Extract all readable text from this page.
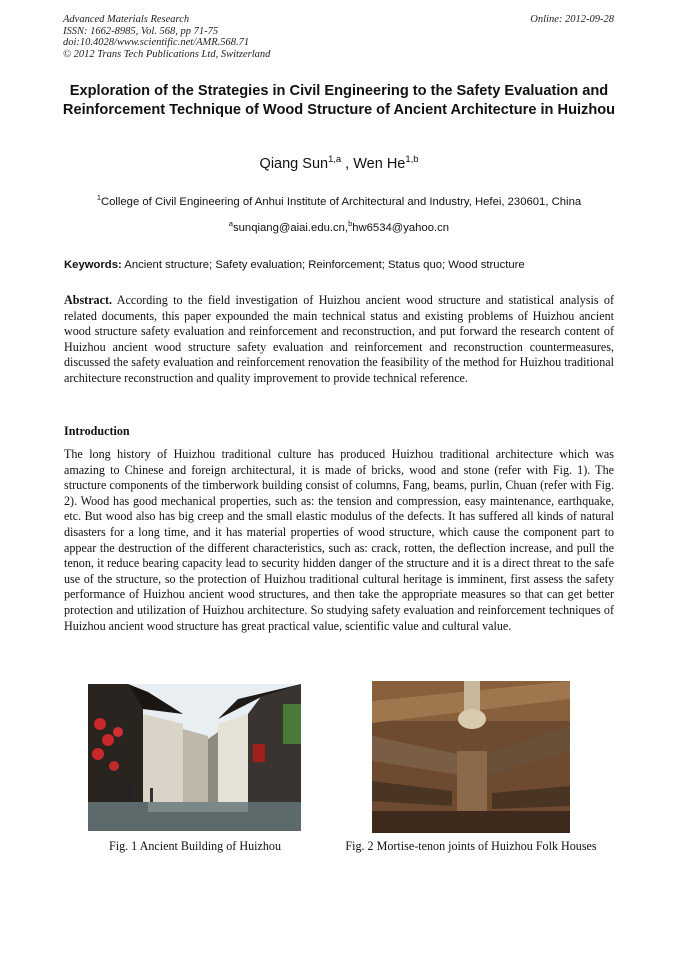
Advanced Materials Research
ISSN: 1662-8985, Vol. 568, pp 71-75
doi:10.4028/www.scientific.net/AMR.568.71
© 2012 Trans Tech Publications Ltd, Switzerland
Online: 2012-09-28
Exploration of the Strategies in Civil Engineering to the Safety Evaluation and Reinforcement Technique of Wood Structure of Ancient Architecture in Huizhou
Qiang Sun$^{1,a}$ , Wen He$^{1,b}$
$^1$College of Civil Engineering of Anhui Institute of Architectural and Industry, Hefei, 230601, China
$^a$sunqiang@aiai.edu.cn,$^b$hw6534@yahoo.cn
Keywords: Ancient structure; Safety evaluation; Reinforcement; Status quo; Wood structure

Abstract. According to the field investigation of Huizhou ancient wood structure and statistical analysis of related documents, this paper expounded the main technical status and existing problems of Huizhou ancient wood structure safety evaluation and reinforcement and reconstruction, and put forward the research content of Huizhou ancient wood structure safety evaluation and reinforcement and reconstruction countermeasures, discussed the safety evaluation and reinforcement renovation the feasibility of the method for Huizhou traditional architecture reconstruction and quality improvement to provide technical reference.

Introduction

The long history of Huizhou traditional culture has produced Huizhou traditional architecture which was amazing to Chinese and foreign architectural, it is made of bricks, wood and stone (refer with Fig. 1). The structure components of the timberwork building consist of columns, Fang, beams, purlin, Chuan (refer with Fig. 2). Wood has good mechanical properties, such as: the tension and compression, easy maintenance, earthquake, etc. But wood also has big creep and the small elastic modulus of the defects. It has suffered all kinds of natural disasters for a long time, and it has material properties of wood structure, which cause the component part to appear the destruction of the different characteristics, such as: crack, rotten, the deflection increase, and pull the tenon, it reduce bearing capacity lead to security hidden danger of the structure and it is a direct threat to the safe use of the structure, so the protection of Huizhou traditional cultural heritage is imminent, first assess the safety performance of Huizhou ancient wood structures, and then take the appropriate measures so that can get better protection and utilization of Huizhou architecture. So studying safety evaluation and reinforcement techniques of Huizhou ancient wood structure has great practical value, scientific value and cultural value.

Fig. 1 Ancient Building of Huizhou	Fig. 2 Mortise-tenon joints of Huizhou Folk Houses
